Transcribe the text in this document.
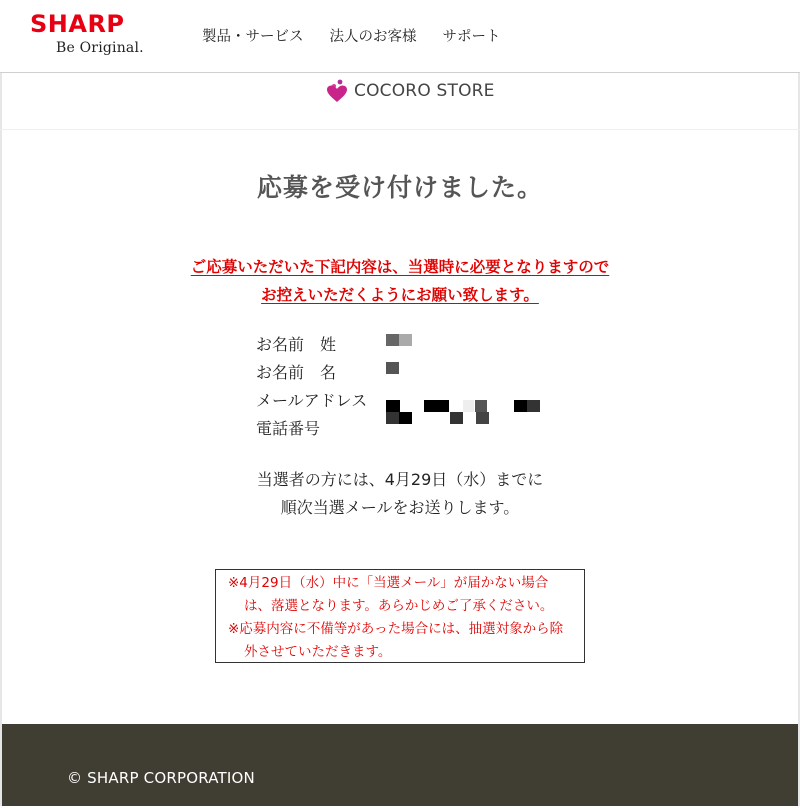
SHARP
Be Original.
製品・サービス 法人のお客様 サポート
COCORO STORE
応募を受け付けました。
ご応募いただいた下記内容は、当選時に必要となりますので
お控えいただくようにお願い致します。
お名前　姓
お名前　名
メールアドレス
電話番号
当選者の方には、4月29日（水）までに
順次当選メールをお送りします。
※4月29日（水）中に「当選メール」が届かない場合
は、落選となります。あらかじめご了承ください。
※応募内容に不備等があった場合には、抽選対象から除
外させていただきます。
© SHARP CORPORATION
